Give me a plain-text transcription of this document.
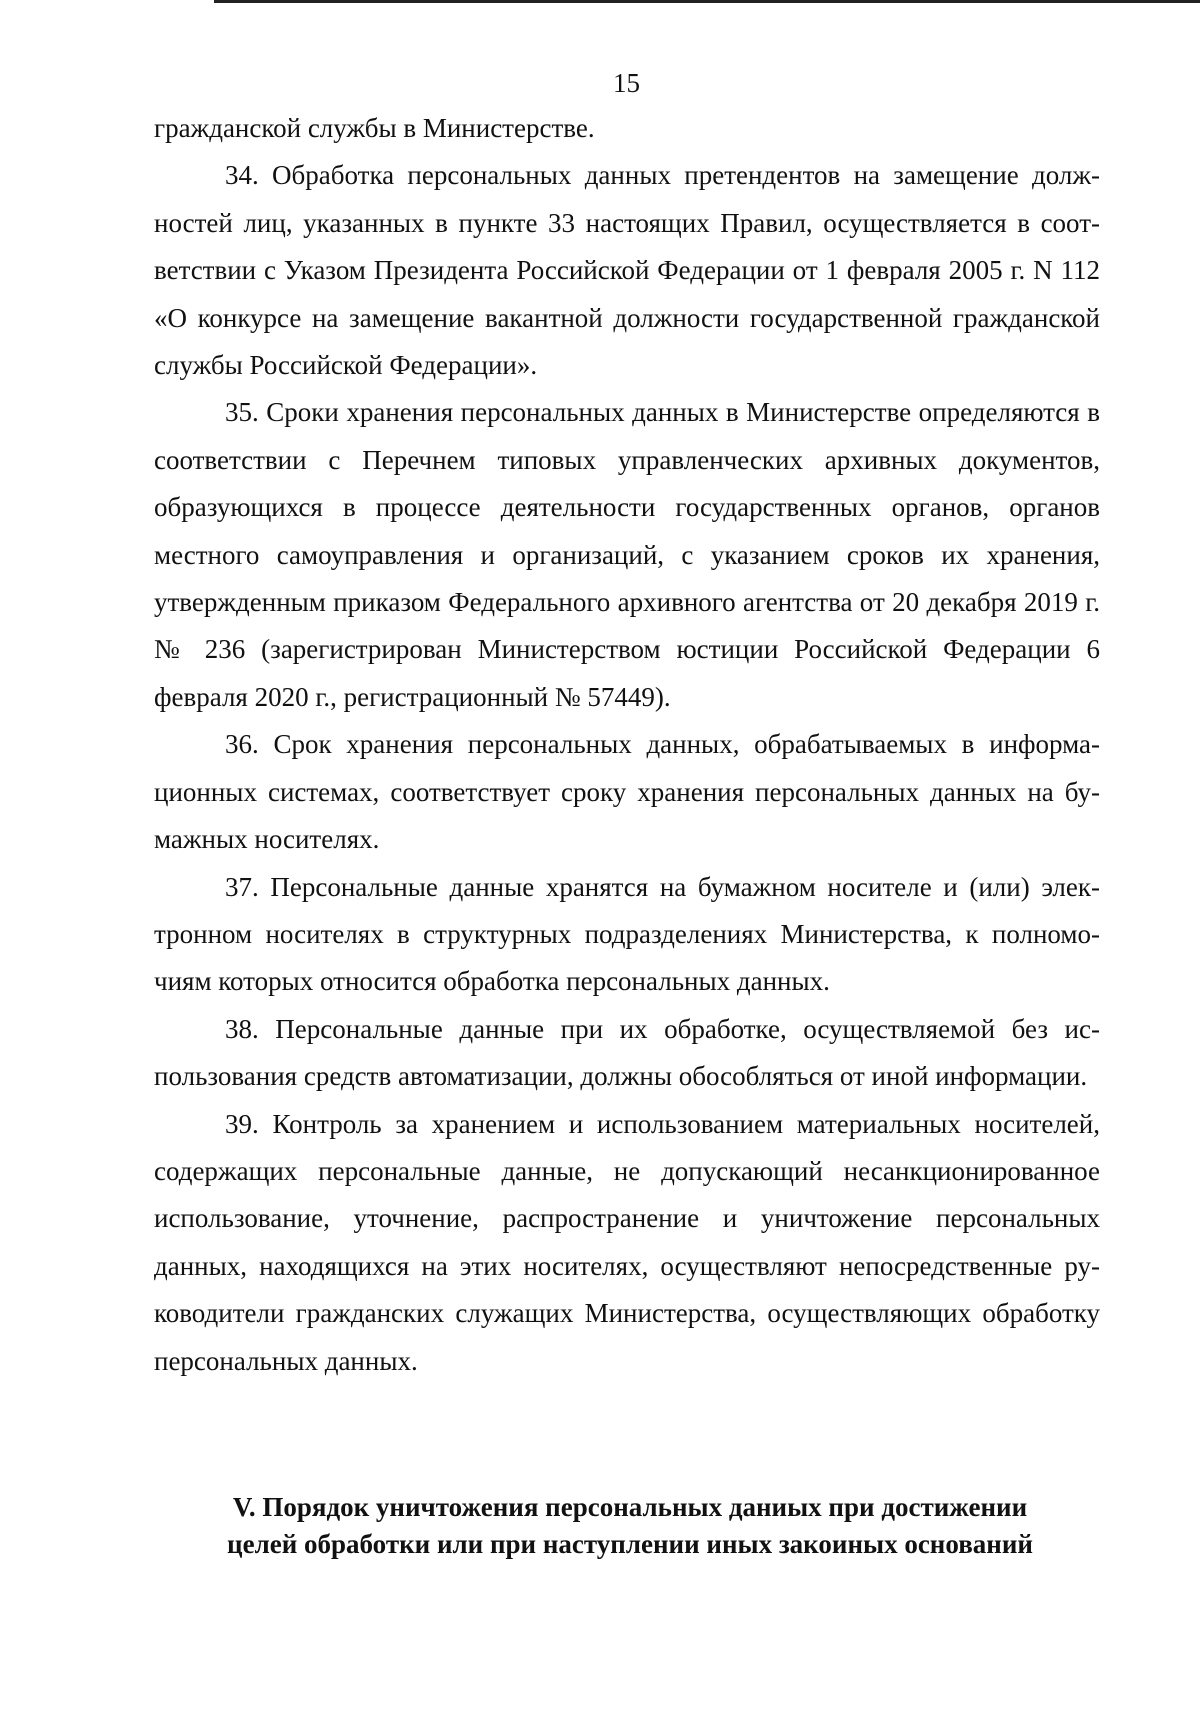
15

гражданской службы в Министерстве.

34. Обработка персональных данных претендентов на замещение должностей лиц, указанных в пункте 33 настоящих Правил, осуществляется в соответствии с Указом Президента Российской Федерации от 1 февраля 2005 г. N 112 «О конкурсе на замещение вакантной должности государственной гражданской службы Российской Федерации».

35. Сроки хранения персональных данных в Министерстве определяются в соответствии с Перечнем типовых управленческих архивных документов, образующихся в процессе деятельности государственных органов, органов местного самоуправления и организаций, с указанием сроков их хранения, утвержденным приказом Федерального архивного агентства от 20 декабря 2019 г. № 236 (зарегистрирован Министерством юстиции Российской Федерации 6 февраля 2020 г., регистрационный № 57449).

36. Срок хранения персональных данных, обрабатываемых в информационных системах, соответствует сроку хранения персональных данных на бумажных носителях.

37. Персональные данные хранятся на бумажном носителе и (или) электронном носителях в структурных подразделениях Министерства, к полномочиям которых относится обработка персональных данных.

38. Персональные данные при их обработке, осуществляемой без использования средств автоматизации, должны обособляться от иной информации.

39. Контроль за хранением и использованием материальных носителей, содержащих персональные данные, не допускающий несанкционированное использование, уточнение, распространение и уничтожение персональных данных, находящихся на этих носителях, осуществляют непосредственные руководители гражданских служащих Министерства, осуществляющих обработку персональных данных.

V. Порядок уничтожения персональных даниых при достижении
целей обработки или при наступлении иных закоиных оснований
